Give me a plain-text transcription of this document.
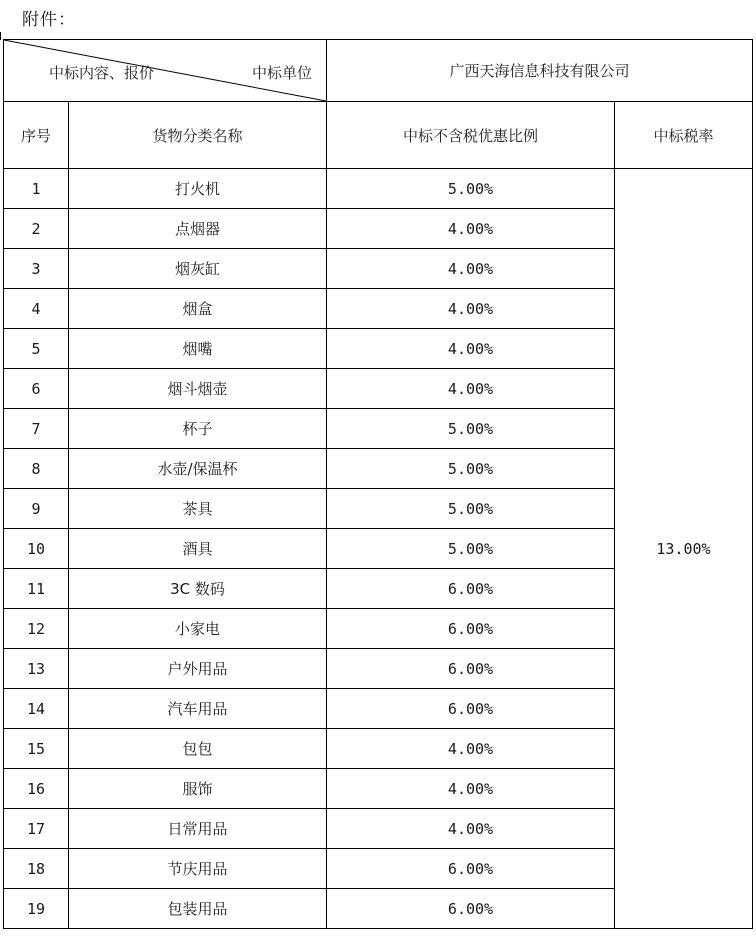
附件：
中标内容、报价 中标单位		广西天海信息科技有限公司	
序号	货物分类名称	中标不含税优惠比例	中标税率
1	打火机	5.00%	13.00%
2	点烟器	4.00%	
3	烟灰缸	4.00%	
4	烟盒	4.00%	
5	烟嘴	4.00%	
6	烟斗烟壶	4.00%	
7	杯子	5.00%	
8	水壶/保温杯	5.00%	
9	茶具	5.00%	
10	酒具	5.00%	
11	3C 数码	6.00%	
12	小家电	6.00%	
13	户外用品	6.00%	
14	汽车用品	6.00%	
15	包包	4.00%	
16	服饰	4.00%	
17	日常用品	4.00%	
18	节庆用品	6.00%	
19	包装用品	6.00%	
